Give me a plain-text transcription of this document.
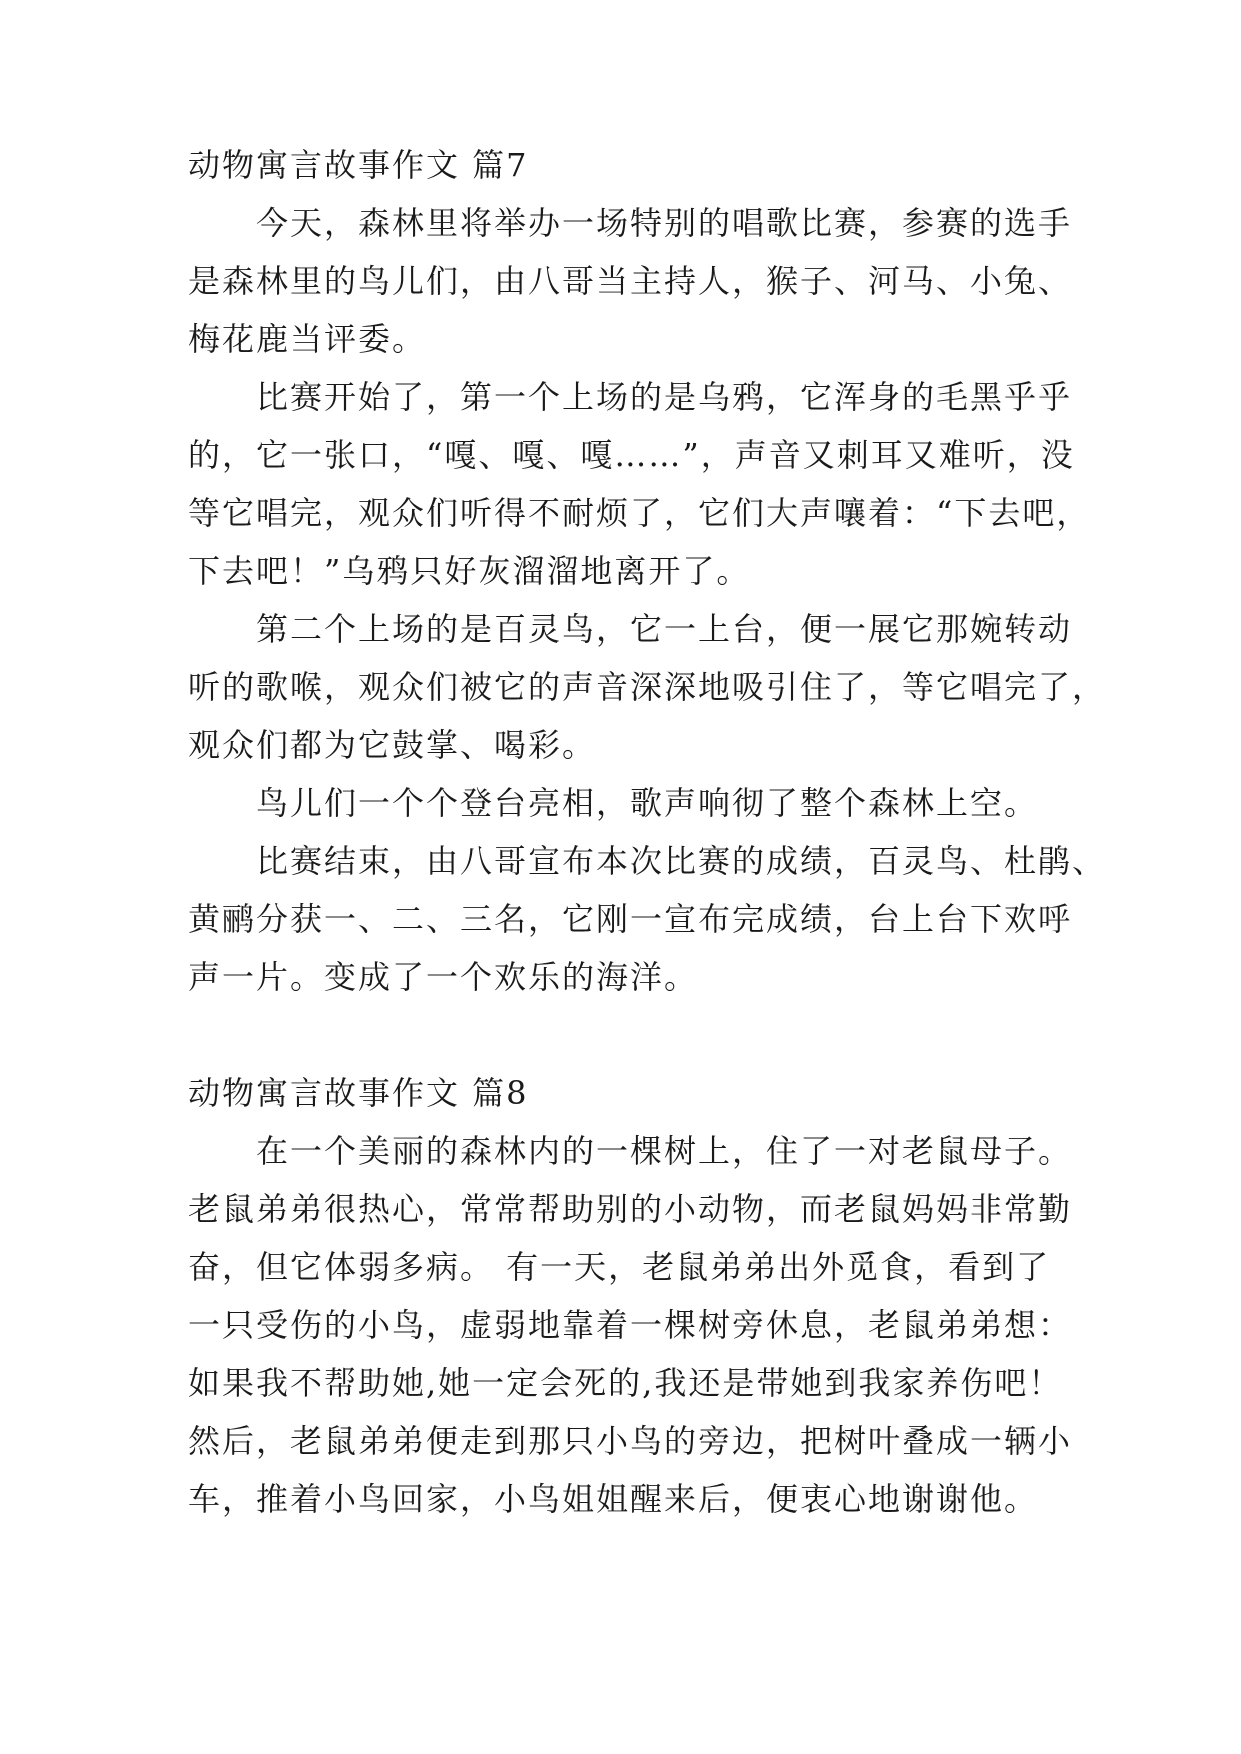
动物寓言故事作文 篇7
今天，森林里将举办一场特别的唱歌比赛，参赛的选手
是森林里的鸟儿们，由八哥当主持人，猴子、河马、小兔、
梅花鹿当评委。
比赛开始了，第一个上场的是乌鸦，它浑身的毛黑乎乎
的，它一张口，“嘎、嘎、嘎……”，声音又刺耳又难听，没
等它唱完，观众们听得不耐烦了，它们大声嚷着：“下去吧，
下去吧！”乌鸦只好灰溜溜地离开了。
第二个上场的是百灵鸟，它一上台，便一展它那婉转动
听的歌喉，观众们被它的声音深深地吸引住了，等它唱完了，
观众们都为它鼓掌、喝彩。
鸟儿们一个个登台亮相，歌声响彻了整个森林上空。
比赛结束，由八哥宣布本次比赛的成绩，百灵鸟、杜鹃、
黄鹂分获一、二、三名，它刚一宣布完成绩，台上台下欢呼
声一片。变成了一个欢乐的海洋。
动物寓言故事作文 篇8
在一个美丽的森林内的一棵树上，住了一对老鼠母子。
老鼠弟弟很热心，常常帮助别的小动物，而老鼠妈妈非常勤
奋，但它体弱多病。 有一天，老鼠弟弟出外觅食，看到了
一只受伤的小鸟，虚弱地靠着一棵树旁休息，老鼠弟弟想：
如果我不帮助她,她一定会死的,我还是带她到我家养伤吧！
然后，老鼠弟弟便走到那只小鸟的旁边，把树叶叠成一辆小
车，推着小鸟回家，小鸟姐姐醒来后，便衷心地谢谢他。
